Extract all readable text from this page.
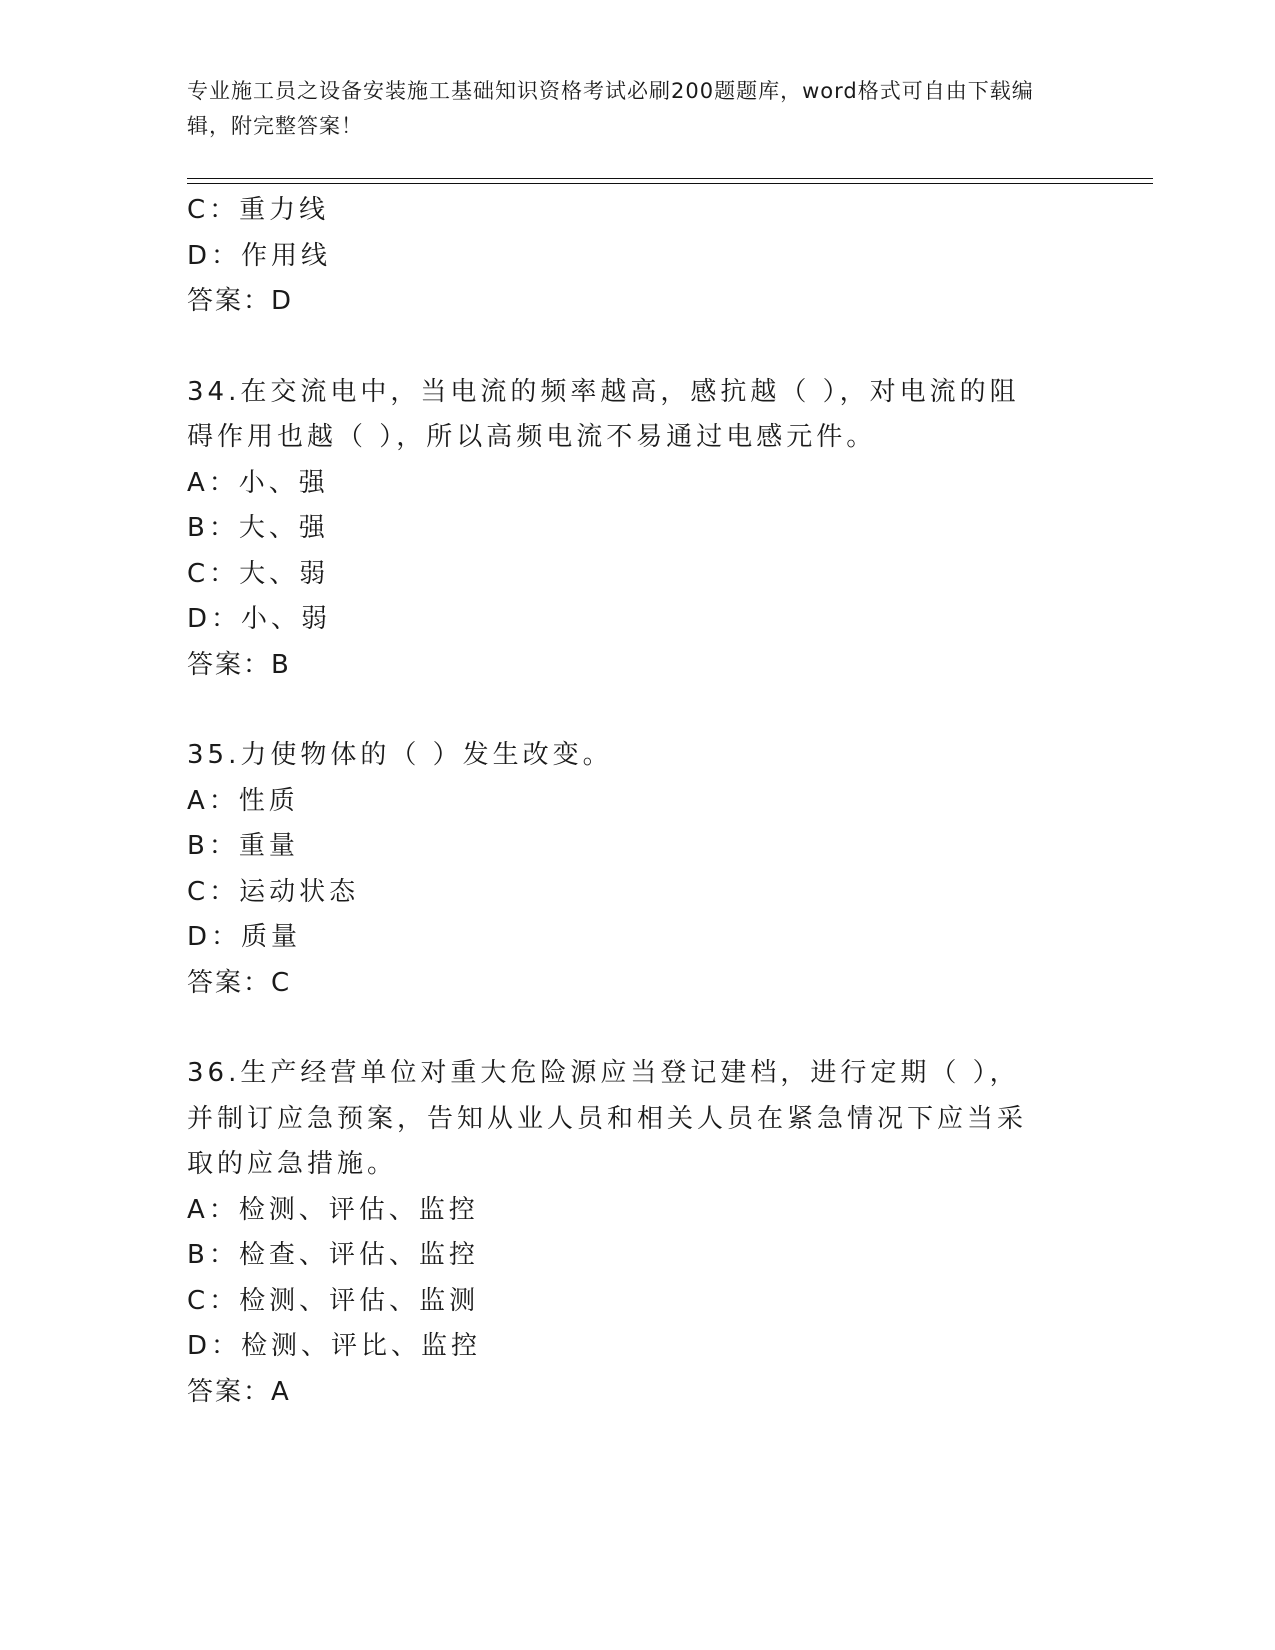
专业施工员之设备安装施工基础知识资格考试必刷200题题库，word格式可自由下载编辑，附完整答案！
C：重力线
D：作用线
答案：D
34.在交流电中，当电流的频率越高，感抗越（ ），对电流的阻碍作用也越（ ），所以高频电流不易通过电感元件。
A：小、强
B：大、强
C：大、弱
D：小、弱
答案：B
35.力使物体的（ ）发生改变。
A：性质
B：重量
C：运动状态
D：质量
答案：C
36.生产经营单位对重大危险源应当登记建档，进行定期（ ），并制订应急预案，告知从业人员和相关人员在紧急情况下应当采取的应急措施。
A：检测、评估、监控
B：检查、评估、监控
C：检测、评估、监测
D：检测、评比、监控
答案：A
